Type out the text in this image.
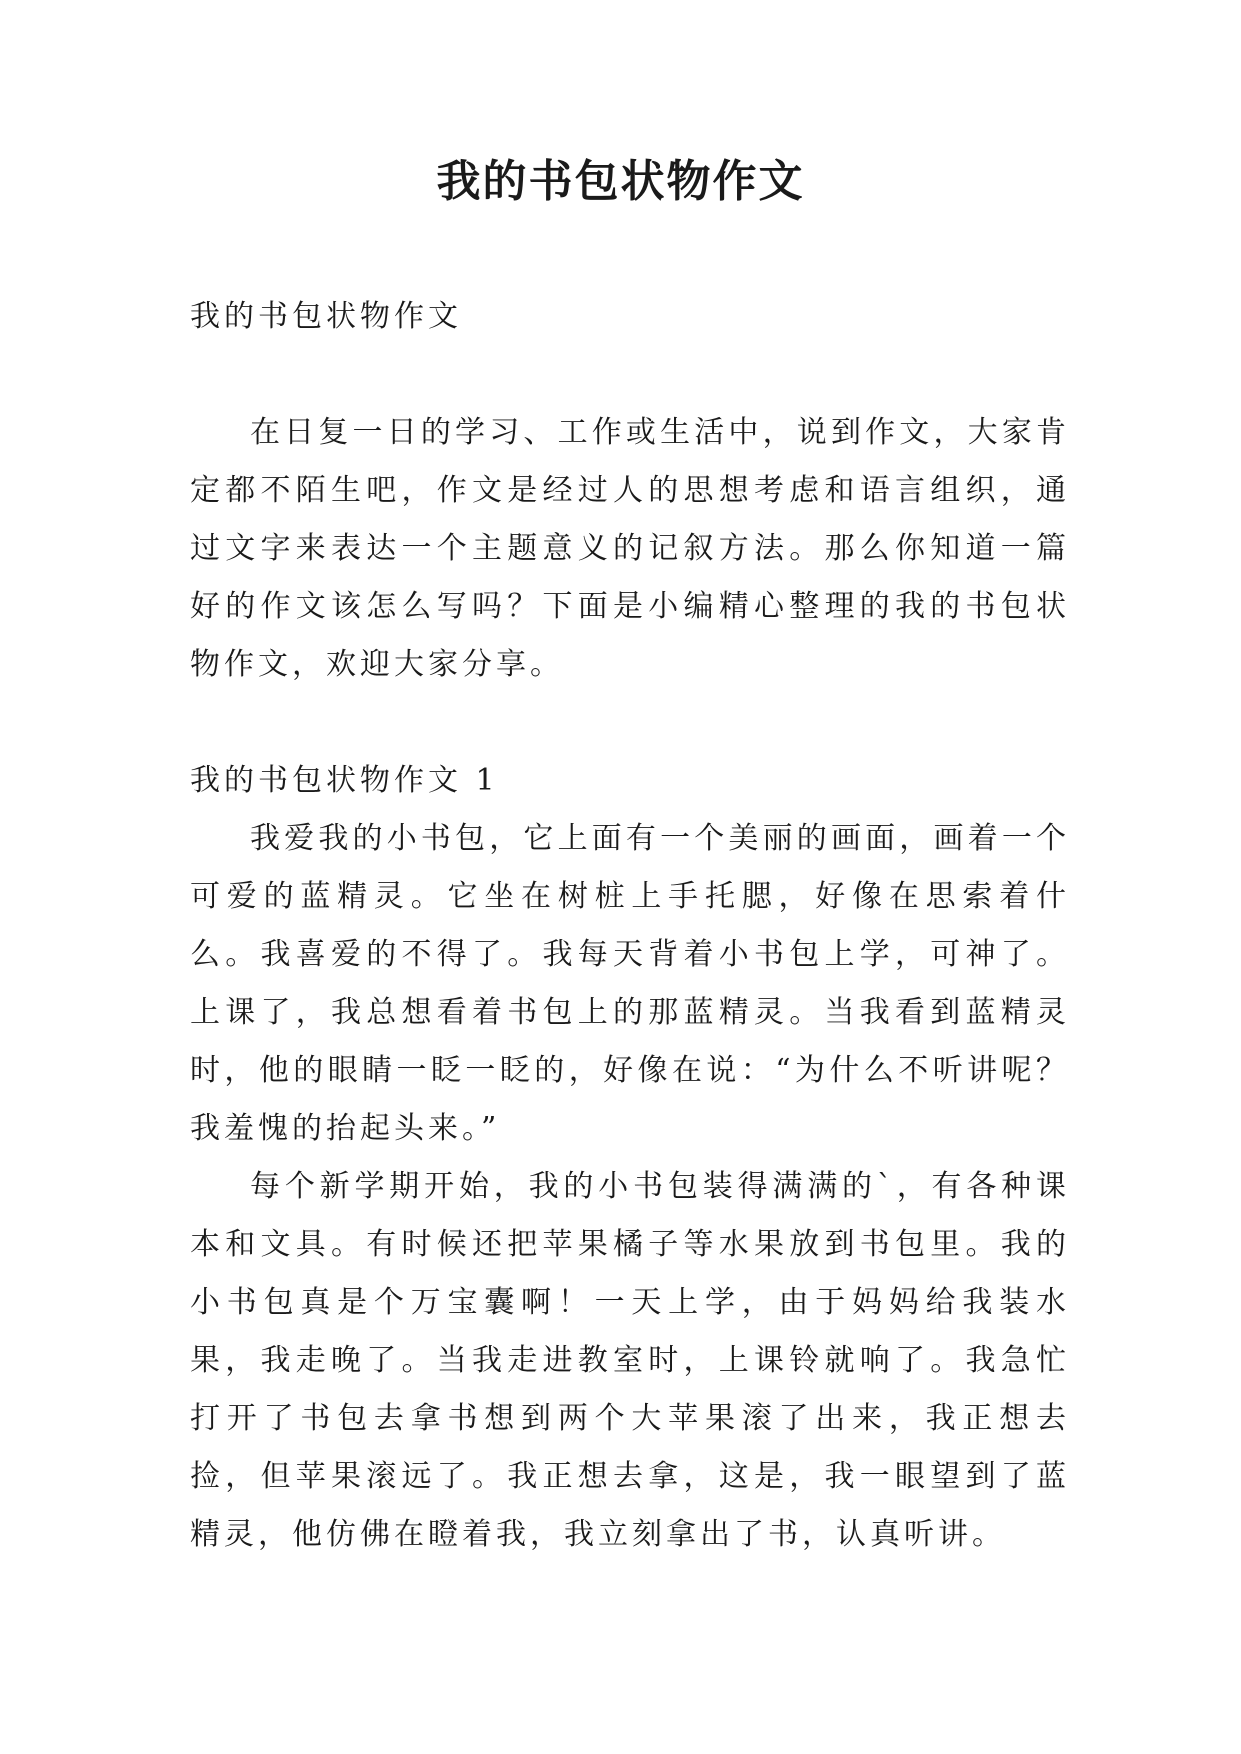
我的书包状物作文

我的书包状物作文

在日复一日的学习、工作或生活中，说到作文，大家肯定都不陌生吧，作文是经过人的思想考虑和语言组织，通过文字来表达一个主题意义的记叙方法。那么你知道一篇好的作文该怎么写吗？下面是小编精心整理的我的书包状物作文，欢迎大家分享。

我的书包状物作文 1

我爱我的小书包，它上面有一个美丽的画面，画着一个可爱的蓝精灵。它坐在树桩上手托腮，好像在思索着什么。我喜爱的不得了。我每天背着小书包上学，可神了。上课了，我总想看着书包上的那蓝精灵。当我看到蓝精灵时，他的眼睛一眨一眨的，好像在说：“为什么不听讲呢？我羞愧的抬起头来。”

每个新学期开始，我的小书包装得满满的`，有各种课本和文具。有时候还把苹果橘子等水果放到书包里。我的小书包真是个万宝囊啊！一天上学，由于妈妈给我装水果，我走晚了。当我走进教室时，上课铃就响了。我急忙打开了书包去拿书想到两个大苹果滚了出来，我正想去捡，但苹果滚远了。我正想去拿，这是，我一眼望到了蓝精灵，他仿佛在瞪着我，我立刻拿出了书，认真听讲。
